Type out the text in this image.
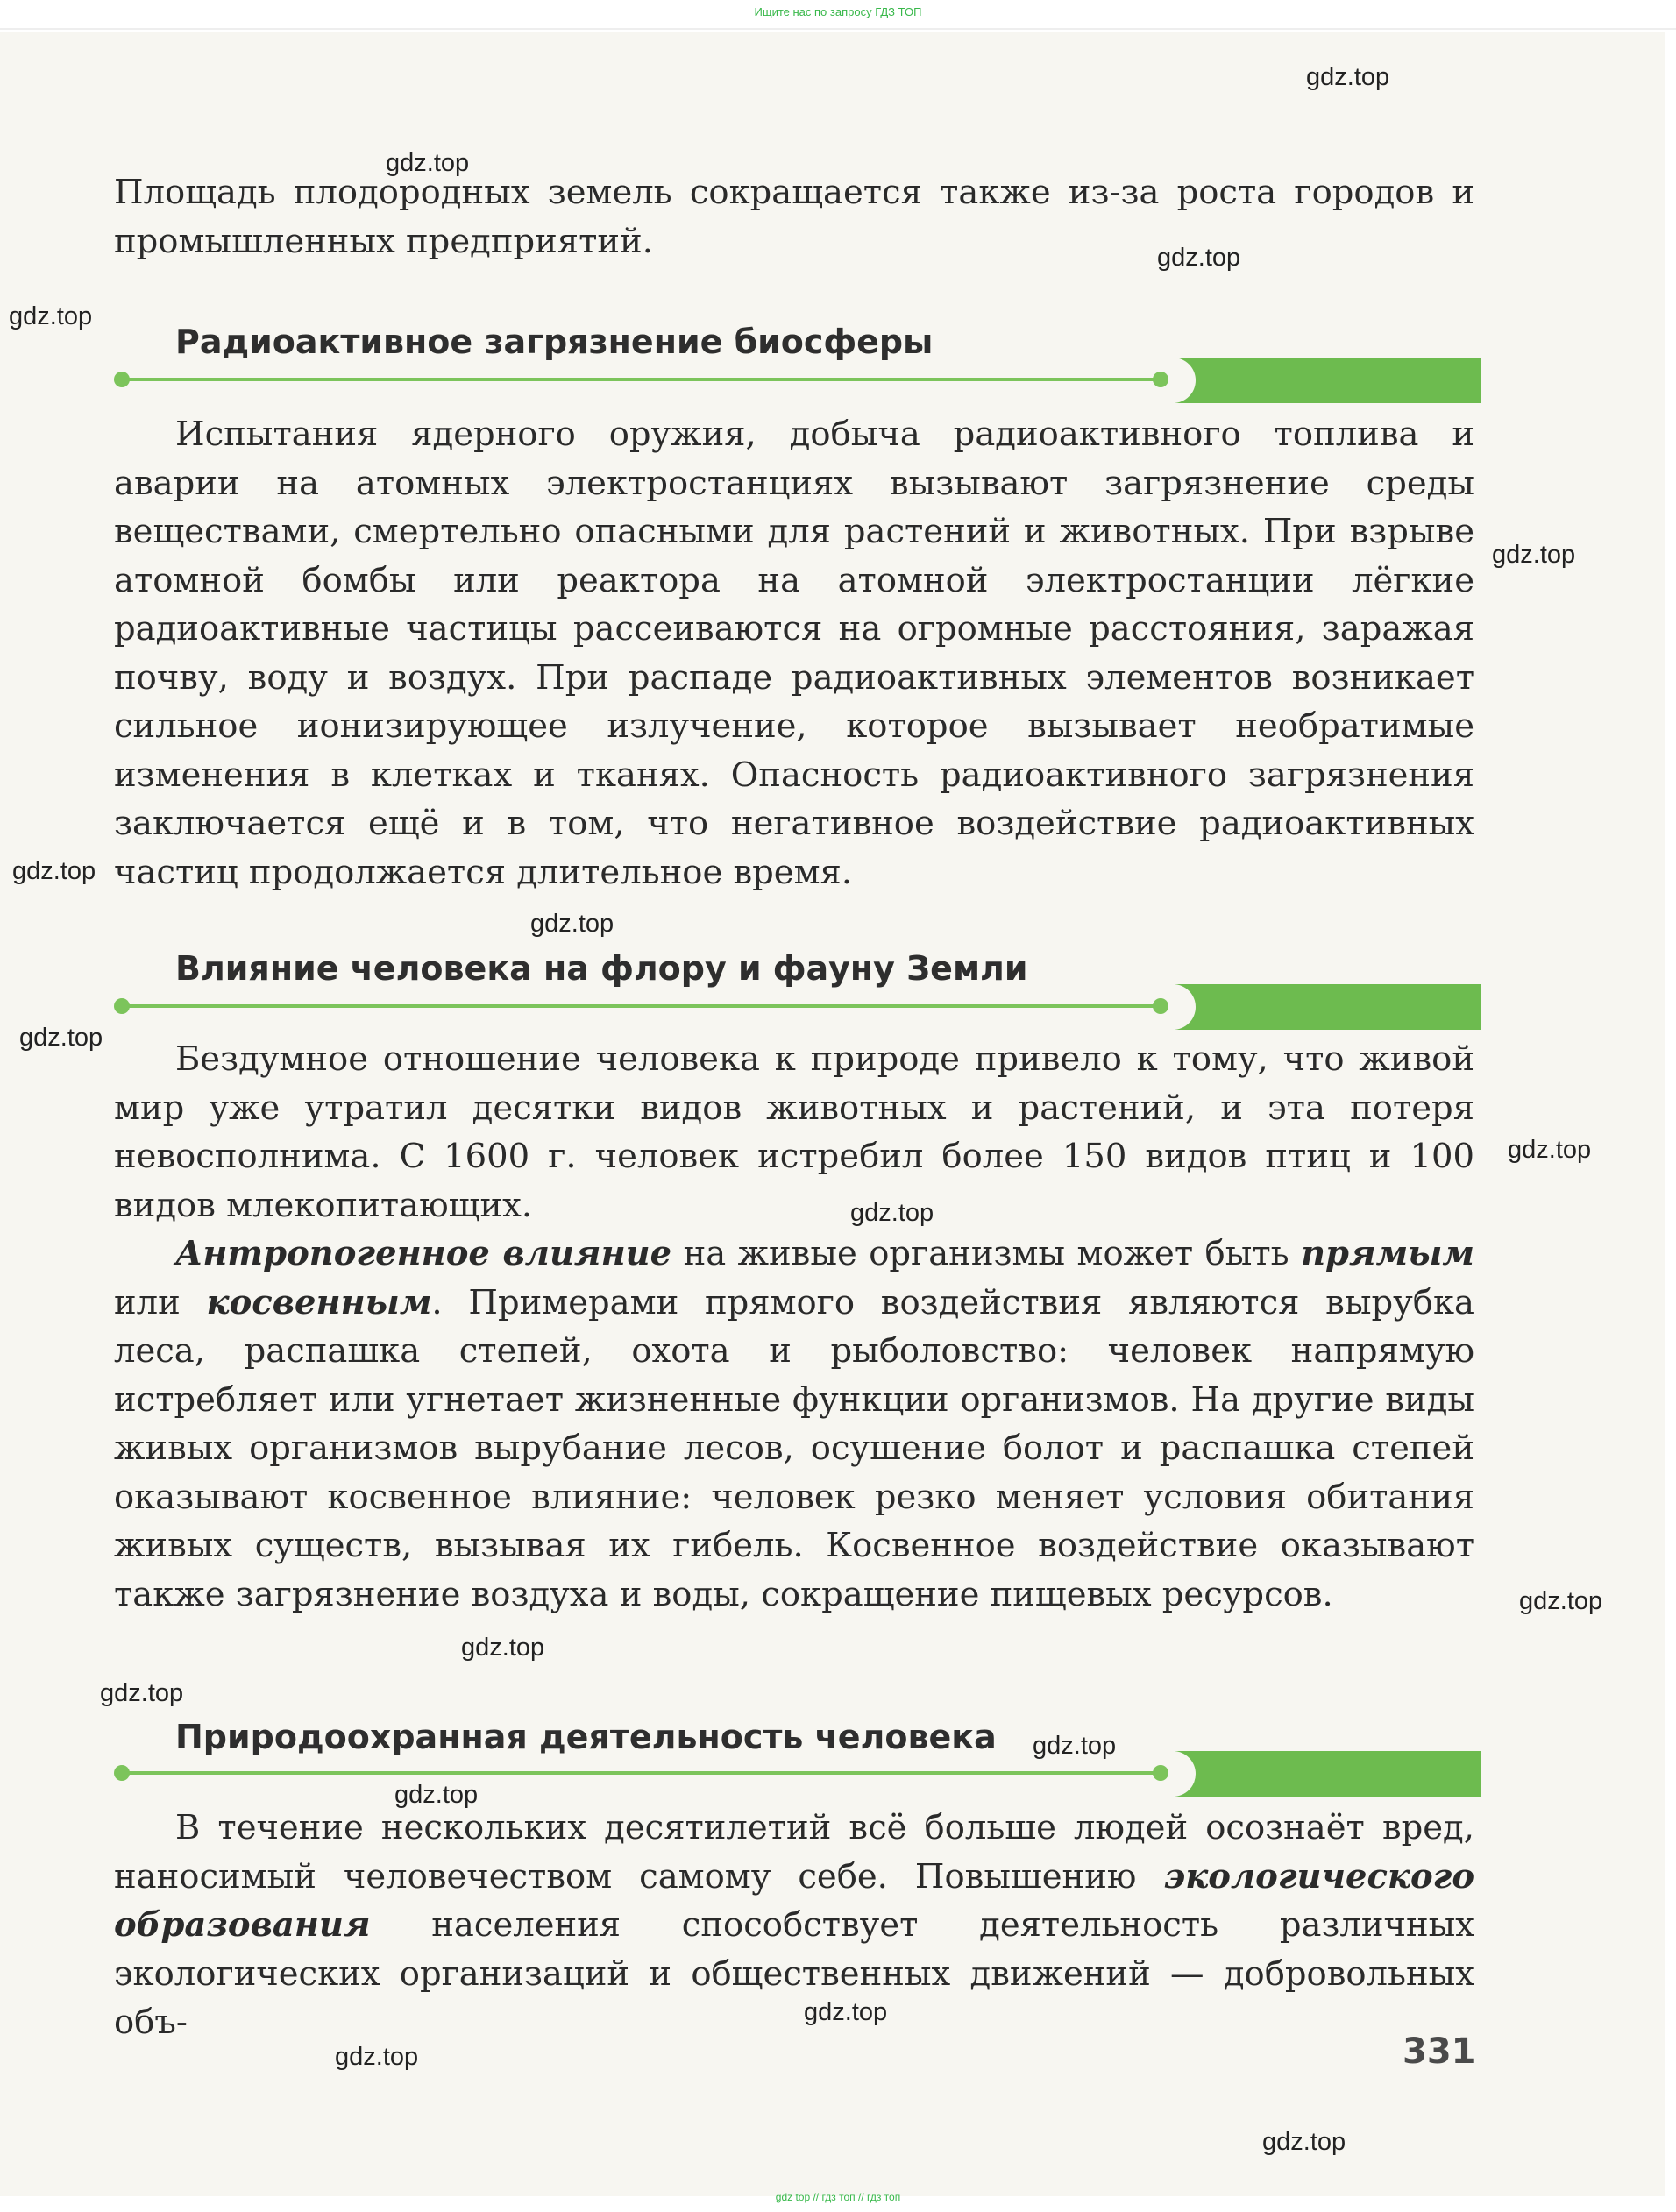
Ищите нас по запросу ГДЗ ТОП

Площадь плодородных земель сокращается также из-за роста городов и промышленных предприятий.

Радиоактивное загрязнение биосферы

Испытания ядерного оружия, добыча радиоактивного топлива и аварии на атомных электростанциях вызывают загрязнение среды веществами, смертельно опасными для растений и животных. При взрыве атомной бомбы или реактора на атомной электростанции лёгкие радиоактивные частицы рассеиваются на огромные расстояния, заражая почву, воду и воздух. При распаде радиоактивных элементов возникает сильное ионизирующее излучение, которое вызывает необратимые изменения в клетках и тканях. Опасность радиоактивного загрязнения заключается ещё и в том, что негативное воздействие радиоактивных частиц продолжается длительное время.

Влияние человека на флору и фауну Земли

Бездумное отношение человека к природе привело к тому, что живой мир уже утратил десятки видов животных и растений, и эта потеря невосполнима. С 1600 г. человек истребил более 150 видов птиц и 100 видов млекопитающих.

Антропогенное влияние на живые организмы может быть прямым или косвенным. Примерами прямого воздействия являются вырубка леса, распашка степей, охота и рыболовство: человек напрямую истребляет или угнетает жизненные функции организмов. На другие виды живых организмов вырубание лесов, осушение болот и распашка степей оказывают косвенное влияние: человек резко меняет условия обитания живых существ, вызывая их гибель. Косвенное воздействие оказывают также загрязнение воздуха и воды, сокращение пищевых ресурсов.

Природоохранная деятельность человека

В течение нескольких десятилетий всё больше людей осознаёт вред, наносимый человечеством самому себе. Повышению экологического образования населения способствует деятельность различных экологических организаций и общественных движений — добровольных объ-

331
gdz.top
gdz.top
gdz.top
gdz.top
gdz.top
gdz.top
gdz.top
gdz.top
gdz.top
gdz.top
gdz.top
gdz.top
gdz.top
gdz.top
gdz.top
gdz.top
gdz.top
gdz.top
gdz top // гдз топ // гдз топ
